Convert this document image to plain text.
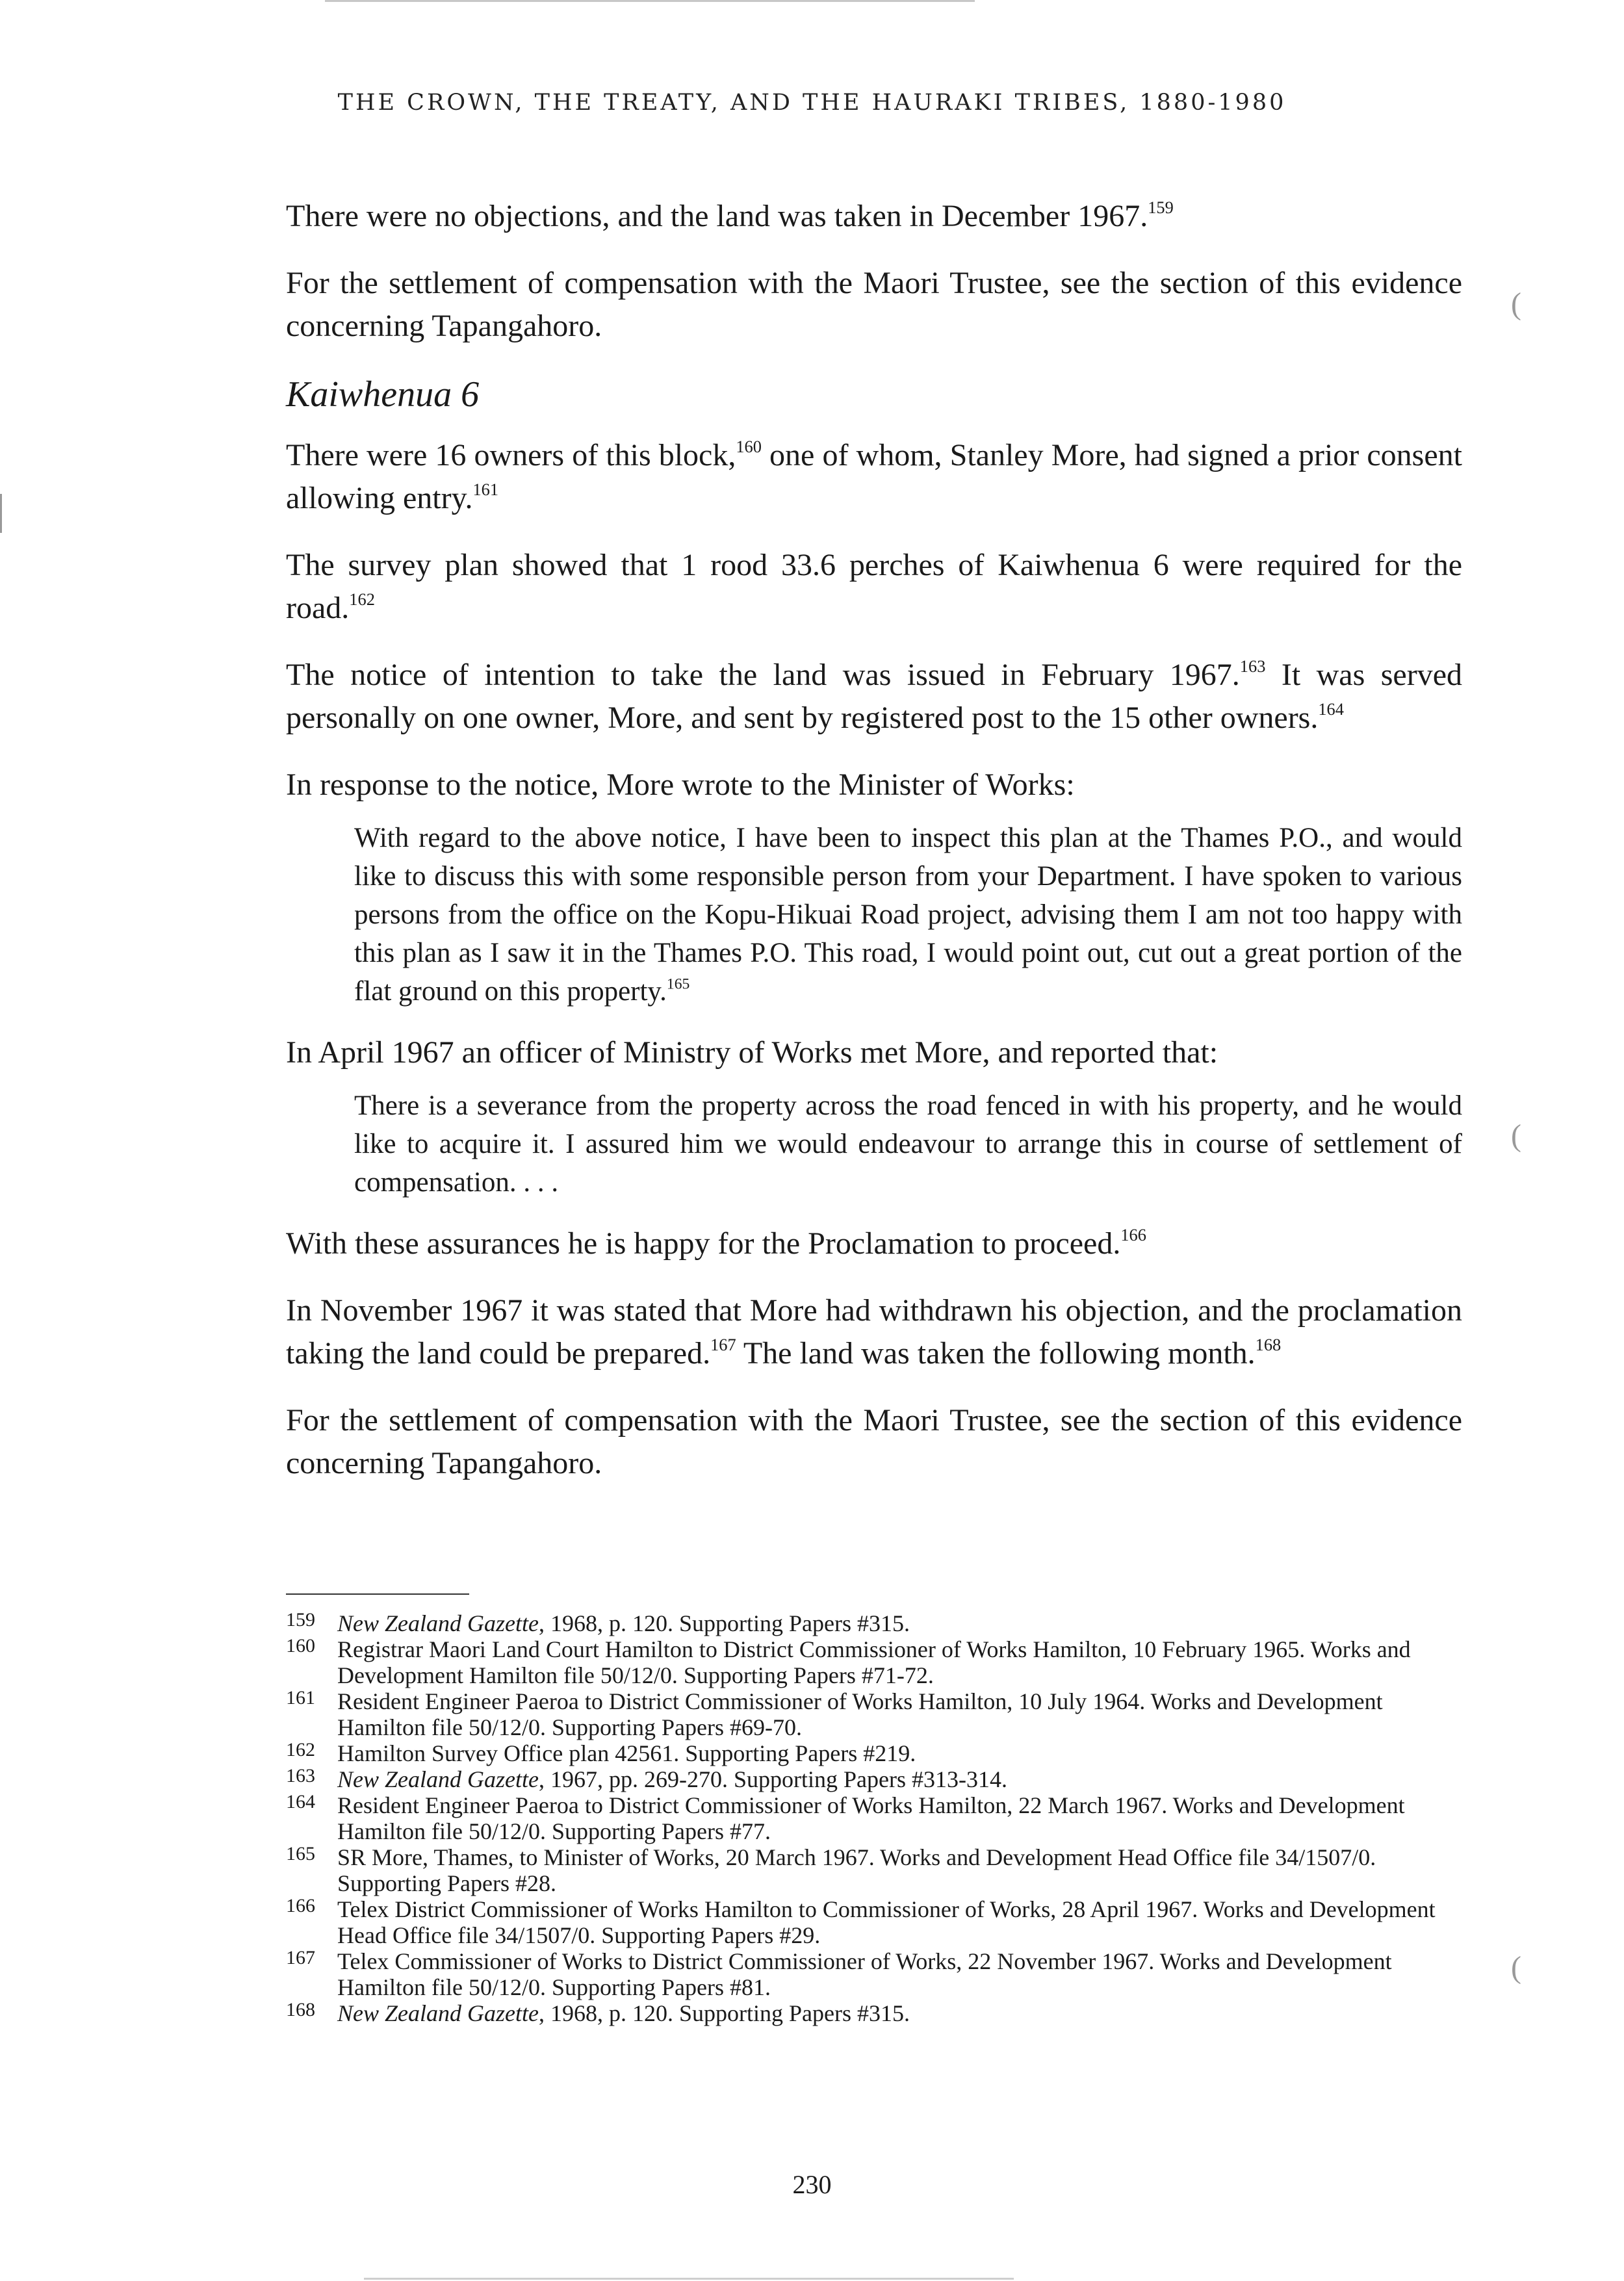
(
(
(
THE CROWN, THE TREATY, AND THE HAURAKI TRIBES, 1880-1980

There were no objections, and the land was taken in December 1967.$^{159}$

For the settlement of compensation with the Maori Trustee, see the section of this evidence concerning Tapangahoro.

Kaiwhenua 6

There were 16 owners of this block,$^{160}$ one of whom, Stanley More, had signed a prior consent allowing entry.$^{161}$

The survey plan showed that 1 rood 33.6 perches of Kaiwhenua 6 were required for the road.$^{162}$

The notice of intention to take the land was issued in February 1967.$^{163}$ It was served personally on one owner, More, and sent by registered post to the 15 other owners.$^{164}$

In response to the notice, More wrote to the Minister of Works:

With regard to the above notice, I have been to inspect this plan at the Thames P.O., and would like to discuss this with some responsible person from your Department. I have spoken to various persons from the office on the Kopu-Hikuai Road project, advising them I am not too happy with this plan as I saw it in the Thames P.O. This road, I would point out, cut out a great portion of the flat ground on this property.$^{165}$

In April 1967 an officer of Ministry of Works met More, and reported that:

There is a severance from the property across the road fenced in with his property, and he would like to acquire it. I assured him we would endeavour to arrange this in course of settlement of compensation. . . .

With these assurances he is happy for the Proclamation to proceed.$^{166}$

In November 1967 it was stated that More had withdrawn his objection, and the proclamation taking the land could be prepared.$^{167}$ The land was taken the following month.$^{168}$

For the settlement of compensation with the Maori Trustee, see the section of this evidence concerning Tapangahoro.

159 New Zealand Gazette, 1968, p. 120. Supporting Papers #315.
160 Registrar Maori Land Court Hamilton to District Commissioner of Works Hamilton, 10 February 1965. Works and Development Hamilton file 50/12/0. Supporting Papers #71-72.
161 Resident Engineer Paeroa to District Commissioner of Works Hamilton, 10 July 1964. Works and Development Hamilton file 50/12/0. Supporting Papers #69-70.
162 Hamilton Survey Office plan 42561. Supporting Papers #219.
163 New Zealand Gazette, 1967, pp. 269-270. Supporting Papers #313-314.
164 Resident Engineer Paeroa to District Commissioner of Works Hamilton, 22 March 1967. Works and Development Hamilton file 50/12/0. Supporting Papers #77.
165 SR More, Thames, to Minister of Works, 20 March 1967. Works and Development Head Office file 34/1507/0. Supporting Papers #28.
166 Telex District Commissioner of Works Hamilton to Commissioner of Works, 28 April 1967. Works and Development Head Office file 34/1507/0. Supporting Papers #29.
167 Telex Commissioner of Works to District Commissioner of Works, 22 November 1967. Works and Development Hamilton file 50/12/0. Supporting Papers #81.
168 New Zealand Gazette, 1968, p. 120. Supporting Papers #315.
230
